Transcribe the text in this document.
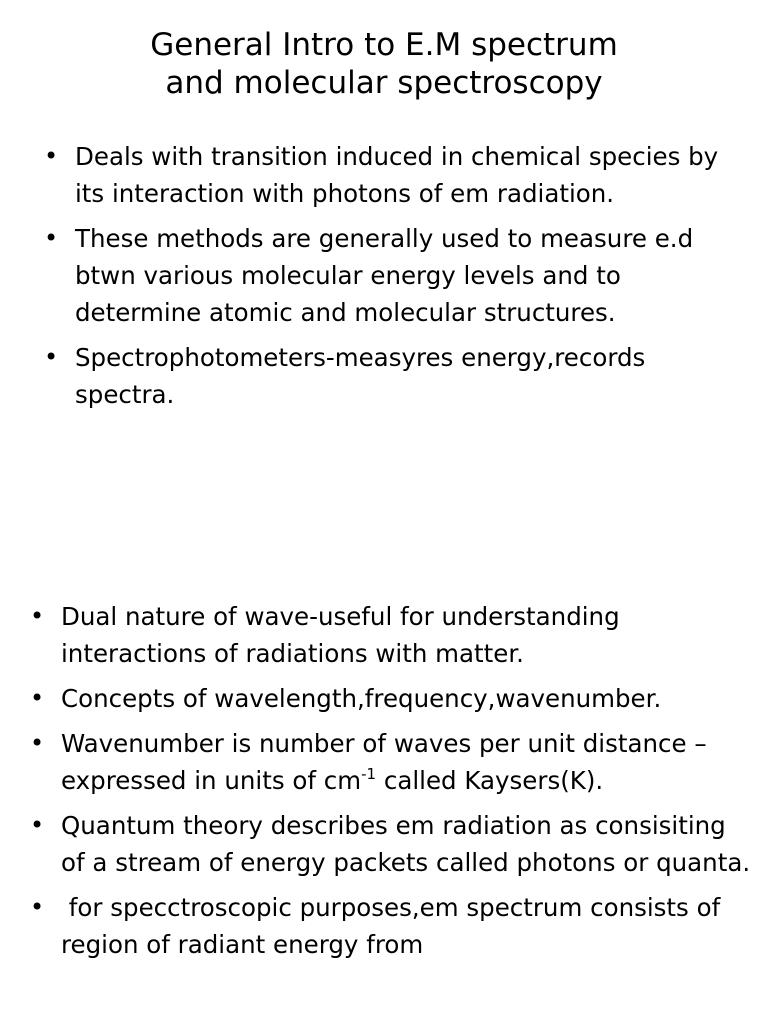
General Intro to E.M spectrum
and molecular spectroscopy
• Deals with transition induced in chemical species by its interaction with photons of em radiation.
• These methods are generally used to measure e.d btwn various molecular energy levels and to determine atomic and molecular structures.
• Spectrophotometers-measyres energy,records spectra.
• Dual nature of wave-useful for understanding interactions of radiations with matter.
• Concepts of wavelength,frequency,wavenumber.
• Wavenumber is number of waves per unit distance –expressed in units of $cm^{-1}$ called Kaysers(K).
• Quantum theory describes em radiation as consisiting of a stream of energy packets called photons or quanta.
• for specctroscopic purposes,em spectrum consists of region of radiant energy from
